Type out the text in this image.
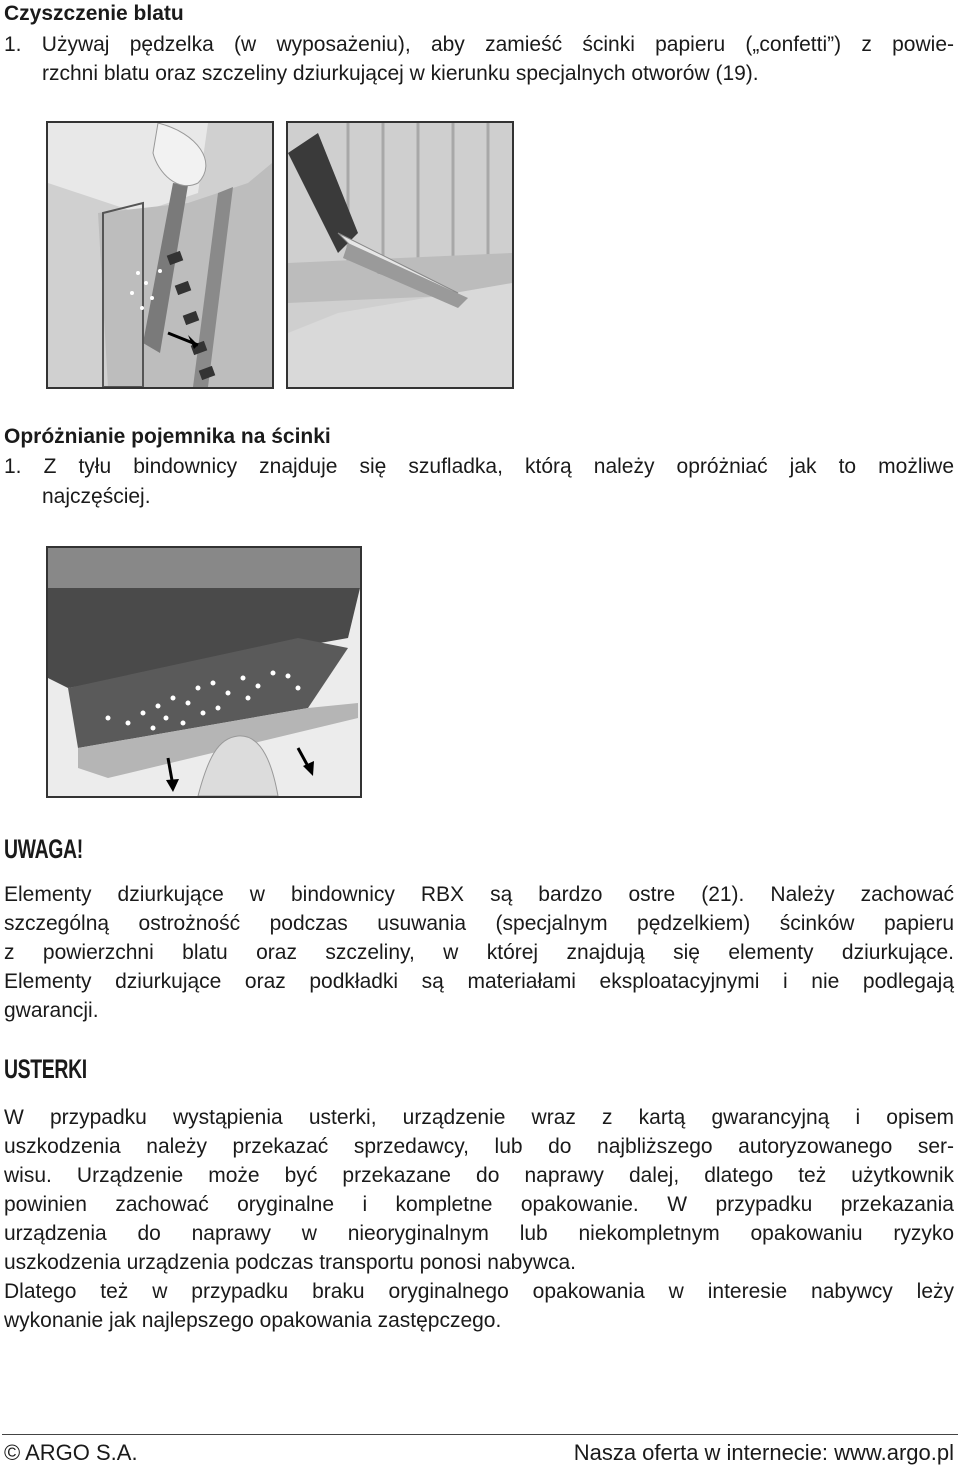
Czyszczenie blatu
1. Używaj pędzelka (w wyposażeniu), aby zamieść ścinki papieru („confetti”) z powie-
rzchni blatu oraz szczeliny dziurkującej w kierunku specjalnych otworów (19).
Opróżnianie pojemnika na ścinki
1. Z tyłu bindownicy znajduje się szufladka, którą należy opróżniać jak to możliwe
najczęściej.
UWAGA!
Elementy dziurkujące w bindownicy RBX są bardzo ostre (21). Należy zachować
szczególną ostrożność podczas usuwania (specjalnym pędzelkiem) ścinków papieru
z powierzchni blatu oraz szczeliny, w której znajdują się elementy dziurkujące.
Elementy dziurkujące oraz podkładki są materiałami eksploatacyjnymi i nie podlegają
gwarancji.
USTERKI
W przypadku wystąpienia usterki, urządzenie wraz z kartą gwarancyjną i opisem
uszkodzenia należy przekazać sprzedawcy, lub do najbliższego autoryzowanego ser-
wisu. Urządzenie może być przekazane do naprawy dalej, dlatego też użytkownik
powinien zachować oryginalne i kompletne opakowanie. W przypadku przekazania
urządzenia do naprawy w nieoryginalnym lub niekompletnym opakowaniu ryzyko
uszkodzenia urządzenia podczas transportu ponosi nabywca.
Dlatego też w przypadku braku oryginalnego opakowania w interesie nabywcy leży
wykonanie jak najlepszego opakowania zastępczego.
© ARGO S.A.	Nasza oferta w internecie: www.argo.pl
